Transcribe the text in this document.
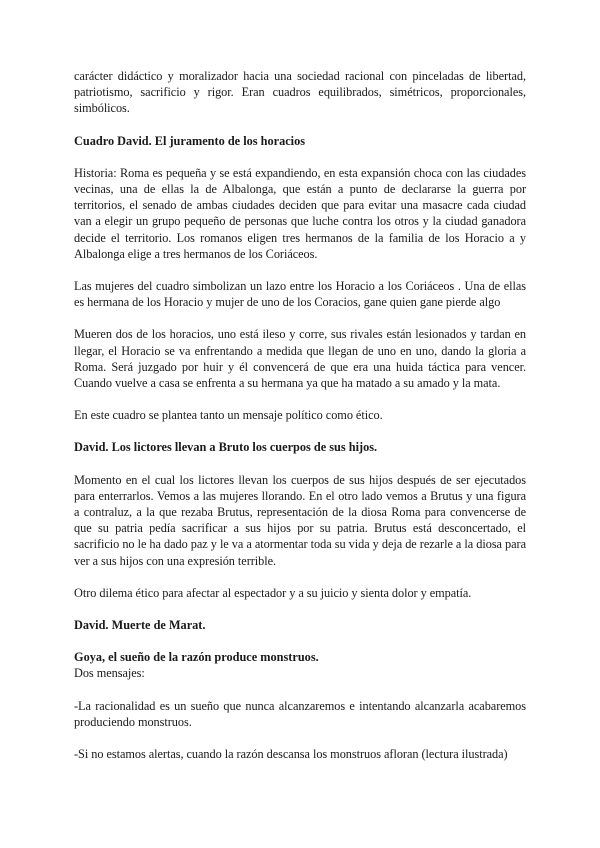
carácter didáctico y moralizador hacia una sociedad racional con pinceladas de libertad, patriotismo, sacrificio y rigor. Eran cuadros equilibrados, simétricos, proporcionales, simbólicos.

Cuadro David. El juramento de los horacios

Historia: Roma es pequeña y se está expandiendo, en esta expansión choca con las ciudades vecinas, una de ellas la de Albalonga, que están a punto de declararse la guerra por territorios, el senado de ambas ciudades deciden que para evitar una masacre cada ciudad van a elegir un grupo pequeño de personas que luche contra los otros y la ciudad ganadora decide el territorio. Los romanos eligen tres hermanos de la familia de los Horacio a y Albalonga elige a tres hermanos de los Coriáceos.

Las mujeres del cuadro simbolizan un lazo entre los Horacio a los Coriáceos . Una de ellas es hermana de los Horacio y mujer de uno de los Coracios, gane quien gane pierde algo

Mueren dos de los horacios, uno está ileso y corre, sus rivales están lesionados y tardan en llegar, el Horacio se va enfrentando a medida que llegan de uno en uno, dando la gloria a Roma. Será juzgado por huir y él convencerá de que era una huida táctica para vencer. Cuando vuelve a casa se enfrenta a su hermana ya que ha matado a su amado y la mata.

En este cuadro se plantea tanto un mensaje político como ético.

David. Los lictores llevan a Bruto los cuerpos de sus hijos.

Momento en el cual los lictores llevan los cuerpos de sus hijos después de ser ejecutados para enterrarlos. Vemos a las mujeres llorando. En el otro lado vemos a Brutus y una figura a contraluz, a la que rezaba Brutus, representación de la diosa Roma para convencerse de que su patria pedía sacrificar a sus hijos por su patria. Brutus está desconcertado, el sacrificio no le ha dado paz y le va a atormentar toda su vida y deja de rezarle a la diosa para ver a sus hijos con una expresión terrible.

Otro dilema ético para afectar al espectador y a su juicio y sienta dolor y empatía.

David. Muerte de Marat.

Goya, el sueño de la razón produce monstruos.

Dos mensajes:

-La racionalidad es un sueño que nunca alcanzaremos e intentando alcanzarla acabaremos produciendo monstruos.

-Si no estamos alertas, cuando la razón descansa los monstruos afloran (lectura ilustrada)
